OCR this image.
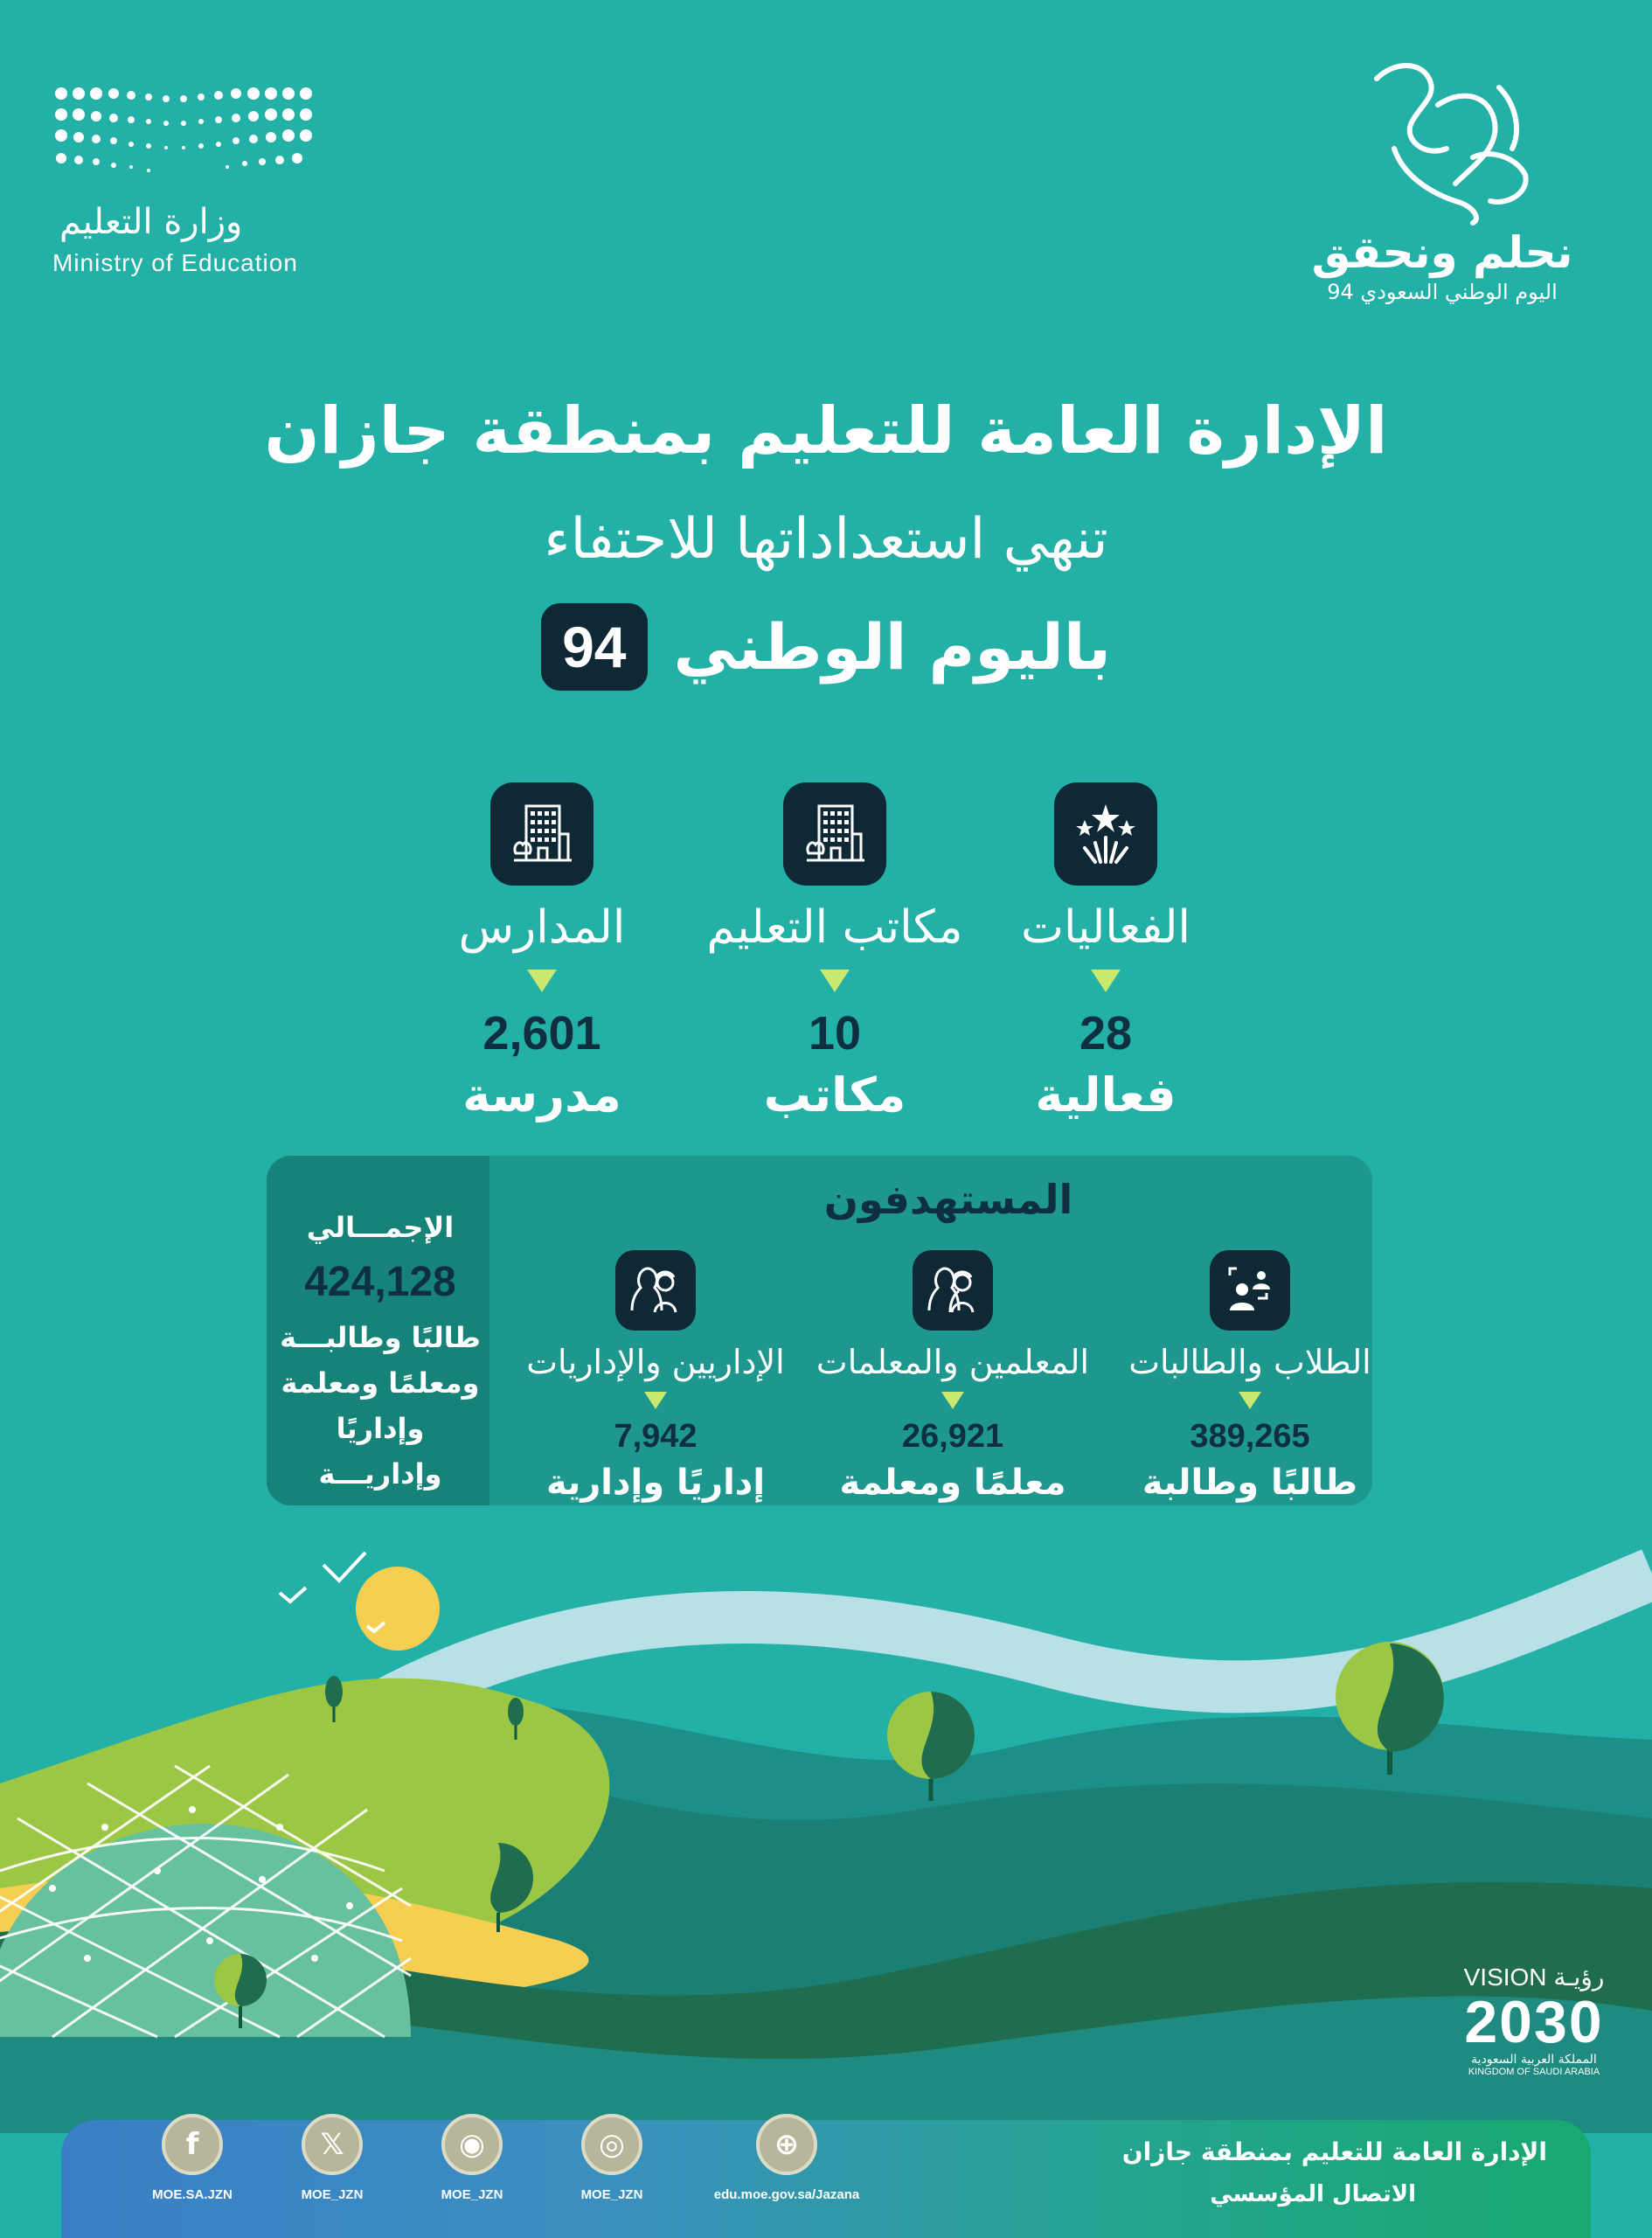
وزارة التعليم
Ministry of Education	نحلم ونحقق
اليوم الوطني السعودي 94
الإدارة العامة للتعليم بمنطقة جازان
تنهي استعداداتها للاحتفاء
باليوم الوطني
94
الفعاليات
28
فعالية
مكاتب التعليم
10
مكاتب
المدارس
2,601
مدرسة
المستهدفون
الإجمـــالي
424,128
طالبًا وطالبـــة
ومعلمًا ومعلمة
وإداريًا وإداريـــة
الطلاب والطالبات
389,265
طالبًا وطالبة
المعلمين والمعلمات
26,921
معلمًا ومعلمة
الإداريين والإداريات
7,942
إداريًا وإدارية
VISION رؤيـة
2030
المملكة العربية السعودية
KINGDOM OF SAUDI ARABIA
f
MOE.SA.JZN
𝕏
MOE_JZN
◉
MOE_JZN
◎
MOE_JZN
⊕
edu.moe.gov.sa/Jazana
الإدارة العامة للتعليم بمنطقة جازان
الاتصال المؤسسي
